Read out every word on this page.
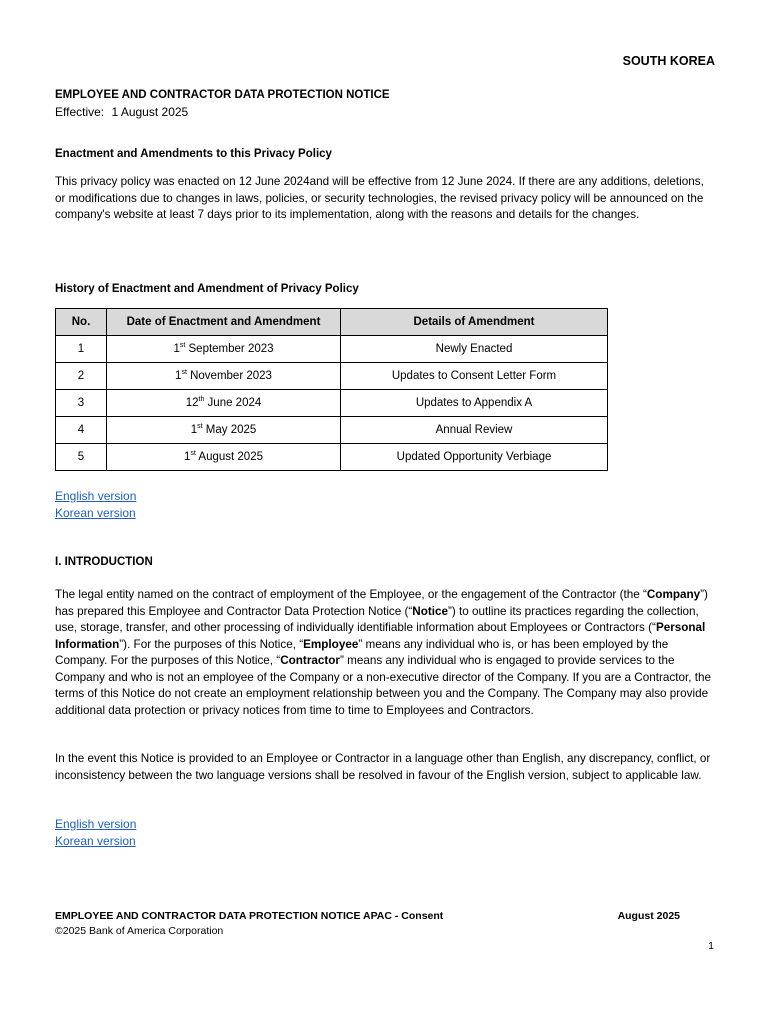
SOUTH KOREA
EMPLOYEE AND CONTRACTOR DATA PROTECTION NOTICE
Effective: 1 August 2025
Enactment and Amendments to this Privacy Policy

This privacy policy was enacted on 12 June 2024and will be effective from 12 June 2024. If there are any additions, deletions, or modifications due to changes in laws, policies, or security technologies, the revised privacy policy will be announced on the company's website at least 7 days prior to its implementation, along with the reasons and details for the changes.

History of Enactment and Amendment of Privacy Policy
No.	Date of Enactment and Amendment	Details of Amendment
1	1st September 2023	Newly Enacted
2	1st November 2023	Updates to Consent Letter Form
3	12th June 2024	Updates to Appendix A
4	1st May 2025	Annual Review
5	1st August 2025	Updated Opportunity Verbiage
English version
Korean version
I. INTRODUCTION

The legal entity named on the contract of employment of the Employee, or the engagement of the Contractor (the “Company”) has prepared this Employee and Contractor Data Protection Notice (“Notice”) to outline its practices regarding the collection, use, storage, transfer, and other processing of individually identifiable information about Employees or Contractors (“Personal Information”). For the purposes of this Notice, “Employee” means any individual who is, or has been employed by the Company. For the purposes of this Notice, “Contractor” means any individual who is engaged to provide services to the Company and who is not an employee of the Company or a non-executive director of the Company. If you are a Contractor, the terms of this Notice do not create an employment relationship between you and the Company. The Company may also provide additional data protection or privacy notices from time to time to Employees and Contractors.

In the event this Notice is provided to an Employee or Contractor in a language other than English, any discrepancy, conflict, or inconsistency between the two language versions shall be resolved in favour of the English version, subject to applicable law.

English version
Korean version
EMPLOYEE AND CONTRACTOR DATA PROTECTION NOTICE APAC - Consent	August 2025
©2025 Bank of America Corporation
1
